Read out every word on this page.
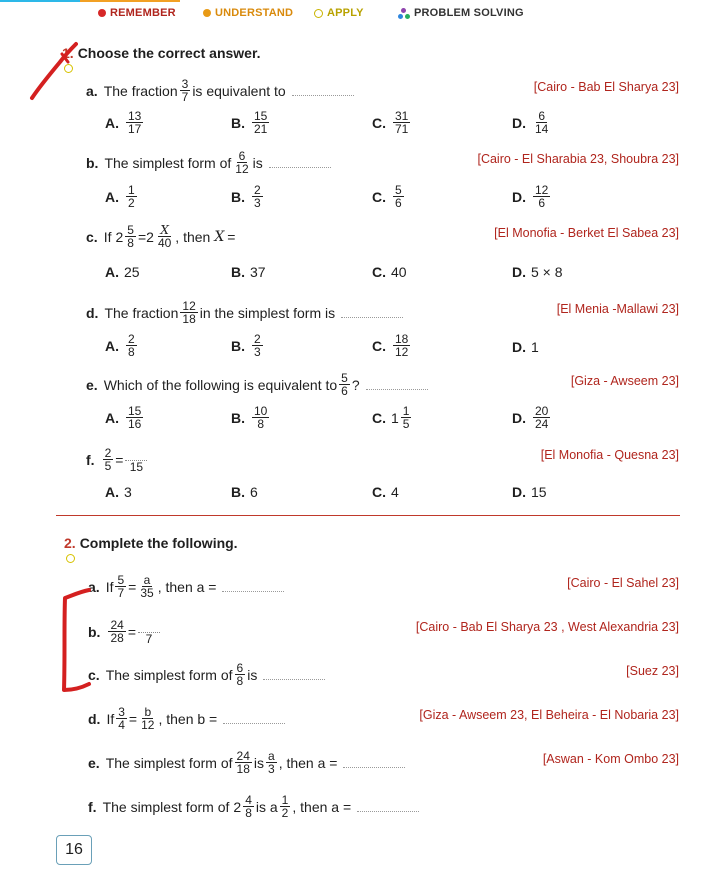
REMEMBER	UNDERSTAND	APPLY	PROBLEM SOLVING
1. Choose the correct answer.
a. The fraction $\frac{3}{7}$ is equivalent to	[Cairo - Bab El Sharya 23]
A. $\frac{13}{17}$	B. $\frac{15}{21}$	C. $\frac{31}{71}$	D. $\frac{6}{14}$
b. The simplest form of $\frac{6}{12}$ is	[Cairo - El Sharabia 23, Shoubra 23]
A. $\frac{1}{2}$	B. $\frac{2}{3}$	C. $\frac{5}{6}$	D. $\frac{12}{6}$
c. If $2 \frac{5}{8} = 2 \frac{X}{40}$ , then X =	[El Monofia - Berket El Sabea 23]
A. 25	B. 37	C. 40	D. 5 × 8
d. The fraction $\frac{12}{18}$ in the simplest form is	[El Menia -Mallawi 23]
A. $\frac{2}{8}$	B. $\frac{2}{3}$	C. $\frac{18}{12}$	D. 1
e. Which of the following is equivalent to $\frac{5}{6}$ ?	[Giza - Awseem 23]
A. $\frac{15}{16}$	B. $\frac{10}{8}$	C. $1 \frac{1}{5}$	D. $\frac{20}{24}$
f. $\frac{2}{5} = 15$
[El Monofia - Quesna 23]
A. 3	B. 6	C. 4	D. 15
2. Complete the following.
a. If $\frac{5}{7} = \frac{a}{35}$ , then a =	[Cairo - El Sahel 23]
b. $\frac{24}{28} = 7$
[Cairo - Bab El Sharya 23 , West Alexandria 23]
c. The simplest form of $\frac{6}{8}$ is	[Suez 23]
d. If $\frac{3}{4} = \frac{b}{12}$ , then b =	[Giza - Awseem 23, El Beheira - El Nobaria 23]
e. The simplest form of $\frac{24}{18}$ is $\frac{a}{3}$ , then a =	[Aswan - Kom Ombo 23]
f. The simplest form of $2 \frac{4}{8}$ is a $\frac{1}{2}$ , then a =
16
